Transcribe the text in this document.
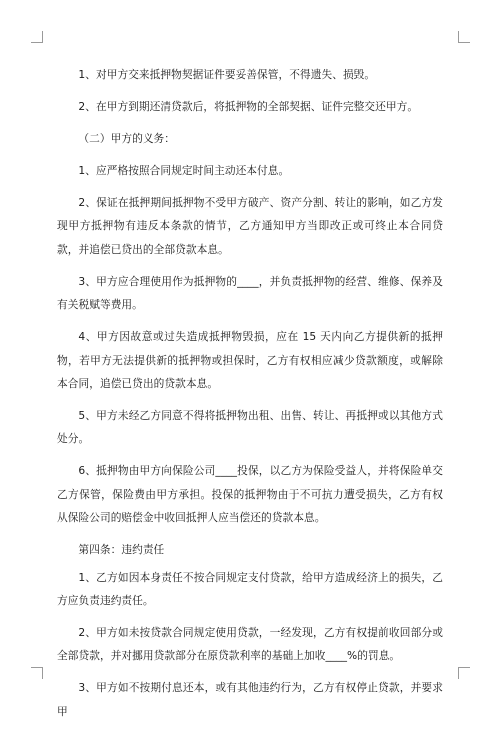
1、对甲方交来抵押物契据证件要妥善保管，不得遗失、损毁。

2、在甲方到期还清贷款后，将抵押物的全部契据、证件完整交还甲方。

（二）甲方的义务：

1、应严格按照合同规定时间主动还本付息。

2、保证在抵押期间抵押物不受甲方破产、资产分割、转让的影响，如乙方发现甲方抵押物有违反本条款的情节，乙方通知甲方当即改正或可终止本合同贷款，并追偿已贷出的全部贷款本息。

3、甲方应合理使用作为抵押物的____，并负责抵押物的经营、维修、保养及有关税赋等费用。

4、甲方因故意或过失造成抵押物毁损，应在 15 天内向乙方提供新的抵押物，若甲方无法提供新的抵押物或担保时，乙方有权相应减少贷款额度，或解除本合同，追偿已贷出的贷款本息。

5、甲方未经乙方同意不得将抵押物出租、出售、转让、再抵押或以其他方式处分。

6、抵押物由甲方向保险公司____投保，以乙方为保险受益人，并将保险单交乙方保管，保险费由甲方承担。投保的抵押物由于不可抗力遭受损失，乙方有权从保险公司的赔偿金中收回抵押人应当偿还的贷款本息。

第四条：违约责任

1、乙方如因本身责任不按合同规定支付贷款，给甲方造成经济上的损失，乙方应负责违约责任。

2、甲方如未按贷款合同规定使用贷款，一经发现，乙方有权提前收回部分或全部贷款，并对挪用贷款部分在原贷款利率的基础上加收____%的罚息。

3、甲方如不按期付息还本，或有其他违约行为，乙方有权停止贷款，并要求甲
